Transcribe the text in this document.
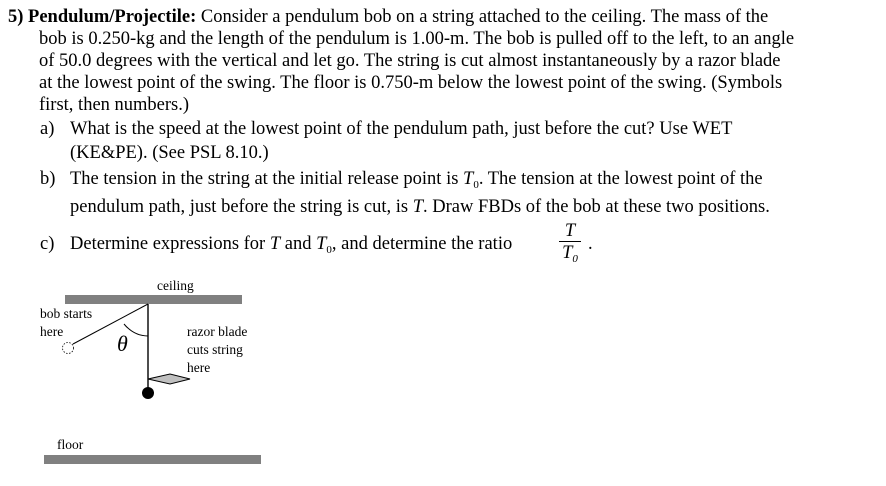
5) Pendulum/Projectile: Consider a pendulum bob on a string attached to the ceiling. The mass of the
bob is 0.250-kg and the length of the pendulum is 1.00-m. The bob is pulled off to the left, to an angle
of 50.0 degrees with the vertical and let go. The string is cut almost instantaneously by a razor blade
at the lowest point of the swing. The floor is 0.750-m below the lowest point of the swing. (Symbols
first, then numbers.)
a) What is the speed at the lowest point of the pendulum path, just before the cut? Use WET
(KE&PE). (See PSL 8.10.)
b) The tension in the string at the initial release point is $T_0$. The tension at the lowest point of the
pendulum path, just before the string is cut, is T. Draw FBDs of the bob at these two positions.
c) Determine expressions for T and $T_0$, and determine the ratio
T
$T_0$
.
ceiling
bob starts
here θ	razor blade
cuts string
here
floor
